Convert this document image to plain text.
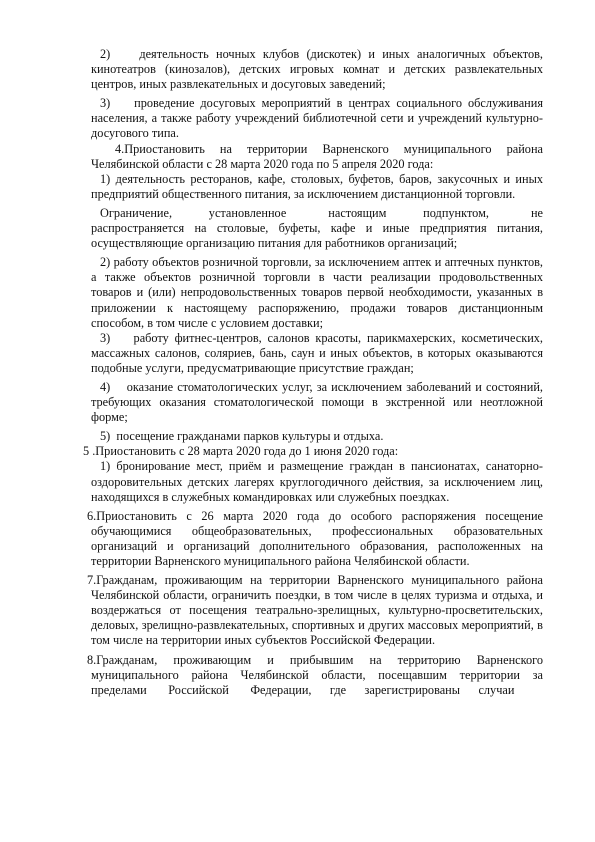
2)    деятельность ночных клубов (дискотек) и иных аналогичных объектов, кинотеатров (кинозалов), детских игровых комнат и детских развлекательных центров, иных развлекательных и досуговых заведений;

3)    проведение досуговых мероприятий в центрах социального обслуживания населения, а также работу учреждений библиотечной сети и учреждений культурно-досугового типа.

4.Приостановить на территории Варненского муниципального района Челябинской области с 28 марта 2020 года по 5 апреля 2020 года:

1) деятельность ресторанов, кафе, столовых, буфетов, баров, закусочных и иных предприятий общественного питания, за исключением дистанционной торговли.

Ограничение,       установленное        настоящим       подпунктом,        не распространяется на столовые, буфеты, кафе и иные предприятия питания, осуществляющие организацию питания для работников организаций;

2) работу объектов розничной торговли, за исключением аптек и аптечных пунктов, а также объектов розничной торговли в части реализации продовольственных товаров и (или) непродовольственных товаров первой необходимости, указанных в приложении к настоящему распоряжению, продажи товаров дистанционным способом, в том числе с условием доставки;

3)    работу фитнес-центров, салонов красоты, парикмахерских, косметических, массажных салонов, соляриев, бань, саун и иных объектов, в которых оказываются подобные услуги, предусматривающие присутствие граждан;

4)    оказание стоматологических услуг, за исключением заболеваний и состояний, требующих оказания стоматологической помощи в экстренной или неотложной форме;

5)  посещение гражданами парков культуры и отдыха.

5 .Приостановить с 28 марта 2020 года до 1 июня 2020 года:

1) бронирование мест, приём и размещение граждан в пансионатах, санаторно-оздоровительных детских лагерях круглогодичного действия, за исключением лиц, находящихся в служебных командировках или служебных поездках.

6.Приостановить с 26 марта 2020 года до особого распоряжения посещение обучающимися общеобразовательных, профессиональных образовательных организаций и организаций дополнительного образования, расположенных на территории Варненского муниципального района Челябинской области.

7.Гражданам, проживающим на территории Варненского муниципального района Челябинской области, ограничить поездки, в том числе в целях туризма и отдыха, и воздержаться от посещения театрально-зрелищных, культурно-просветительских, деловых, зрелищно-развлекательных, спортивных и других массовых мероприятий, в том числе на территории иных субъектов Российской Федерации.

8.Гражданам, проживающим и прибывшим на территорию Варненского муниципального района Челябинской области, посещавшим территории за пределами       Российской       Федерации,      где      зарегистрированы      случаи
